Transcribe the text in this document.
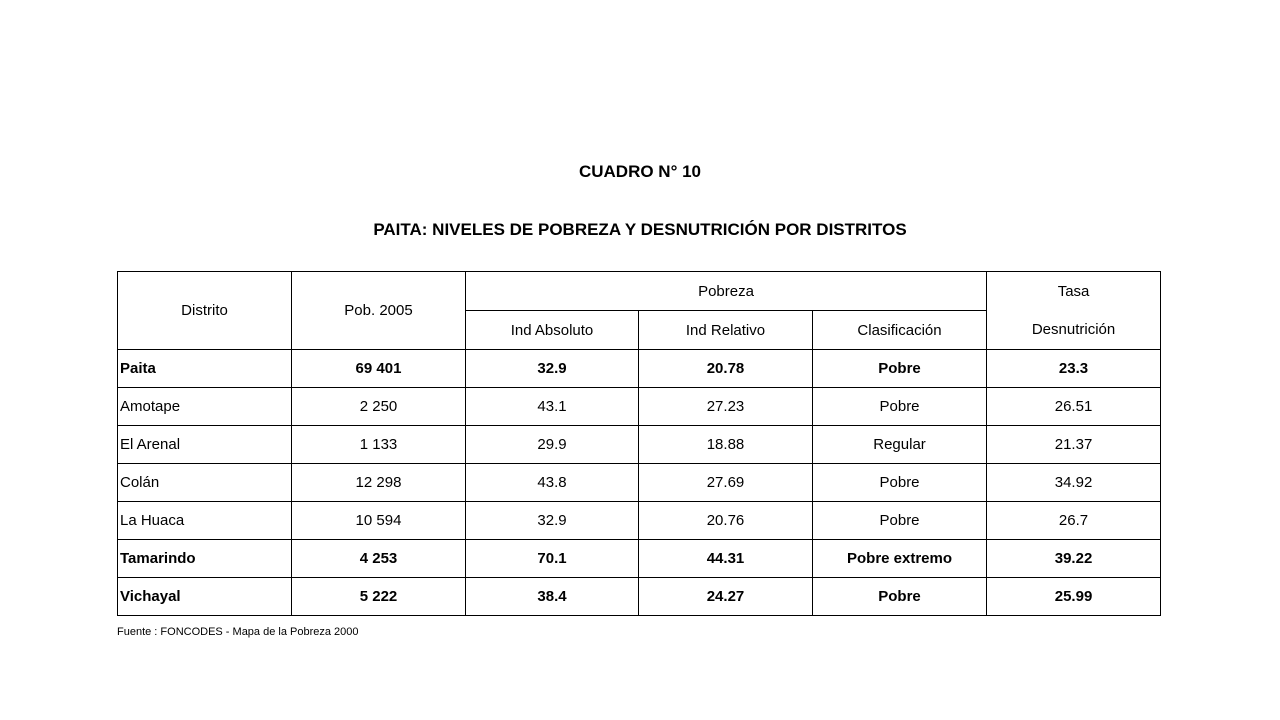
CUADRO N° 10

PAITA: NIVELES DE POBREZA Y DESNUTRICIÓN POR DISTRITOS

Distrito	Pob. 2005	Pobreza			Tasa
		Ind Absoluto	Ind Relativo	Clasificación	Desnutrición
Paita	69 401	32.9	20.78	Pobre	23.3
Amotape	2 250	43.1	27.23	Pobre	26.51
El Arenal	1 133	29.9	18.88	Regular	21.37
Colán	12 298	43.8	27.69	Pobre	34.92
La Huaca	10 594	32.9	20.76	Pobre	26.7
Tamarindo	4 253	70.1	44.31	Pobre extremo	39.22
Vichayal	5 222	38.4	24.27	Pobre	25.99

Fuente : FONCODES - Mapa de la Pobreza 2000
